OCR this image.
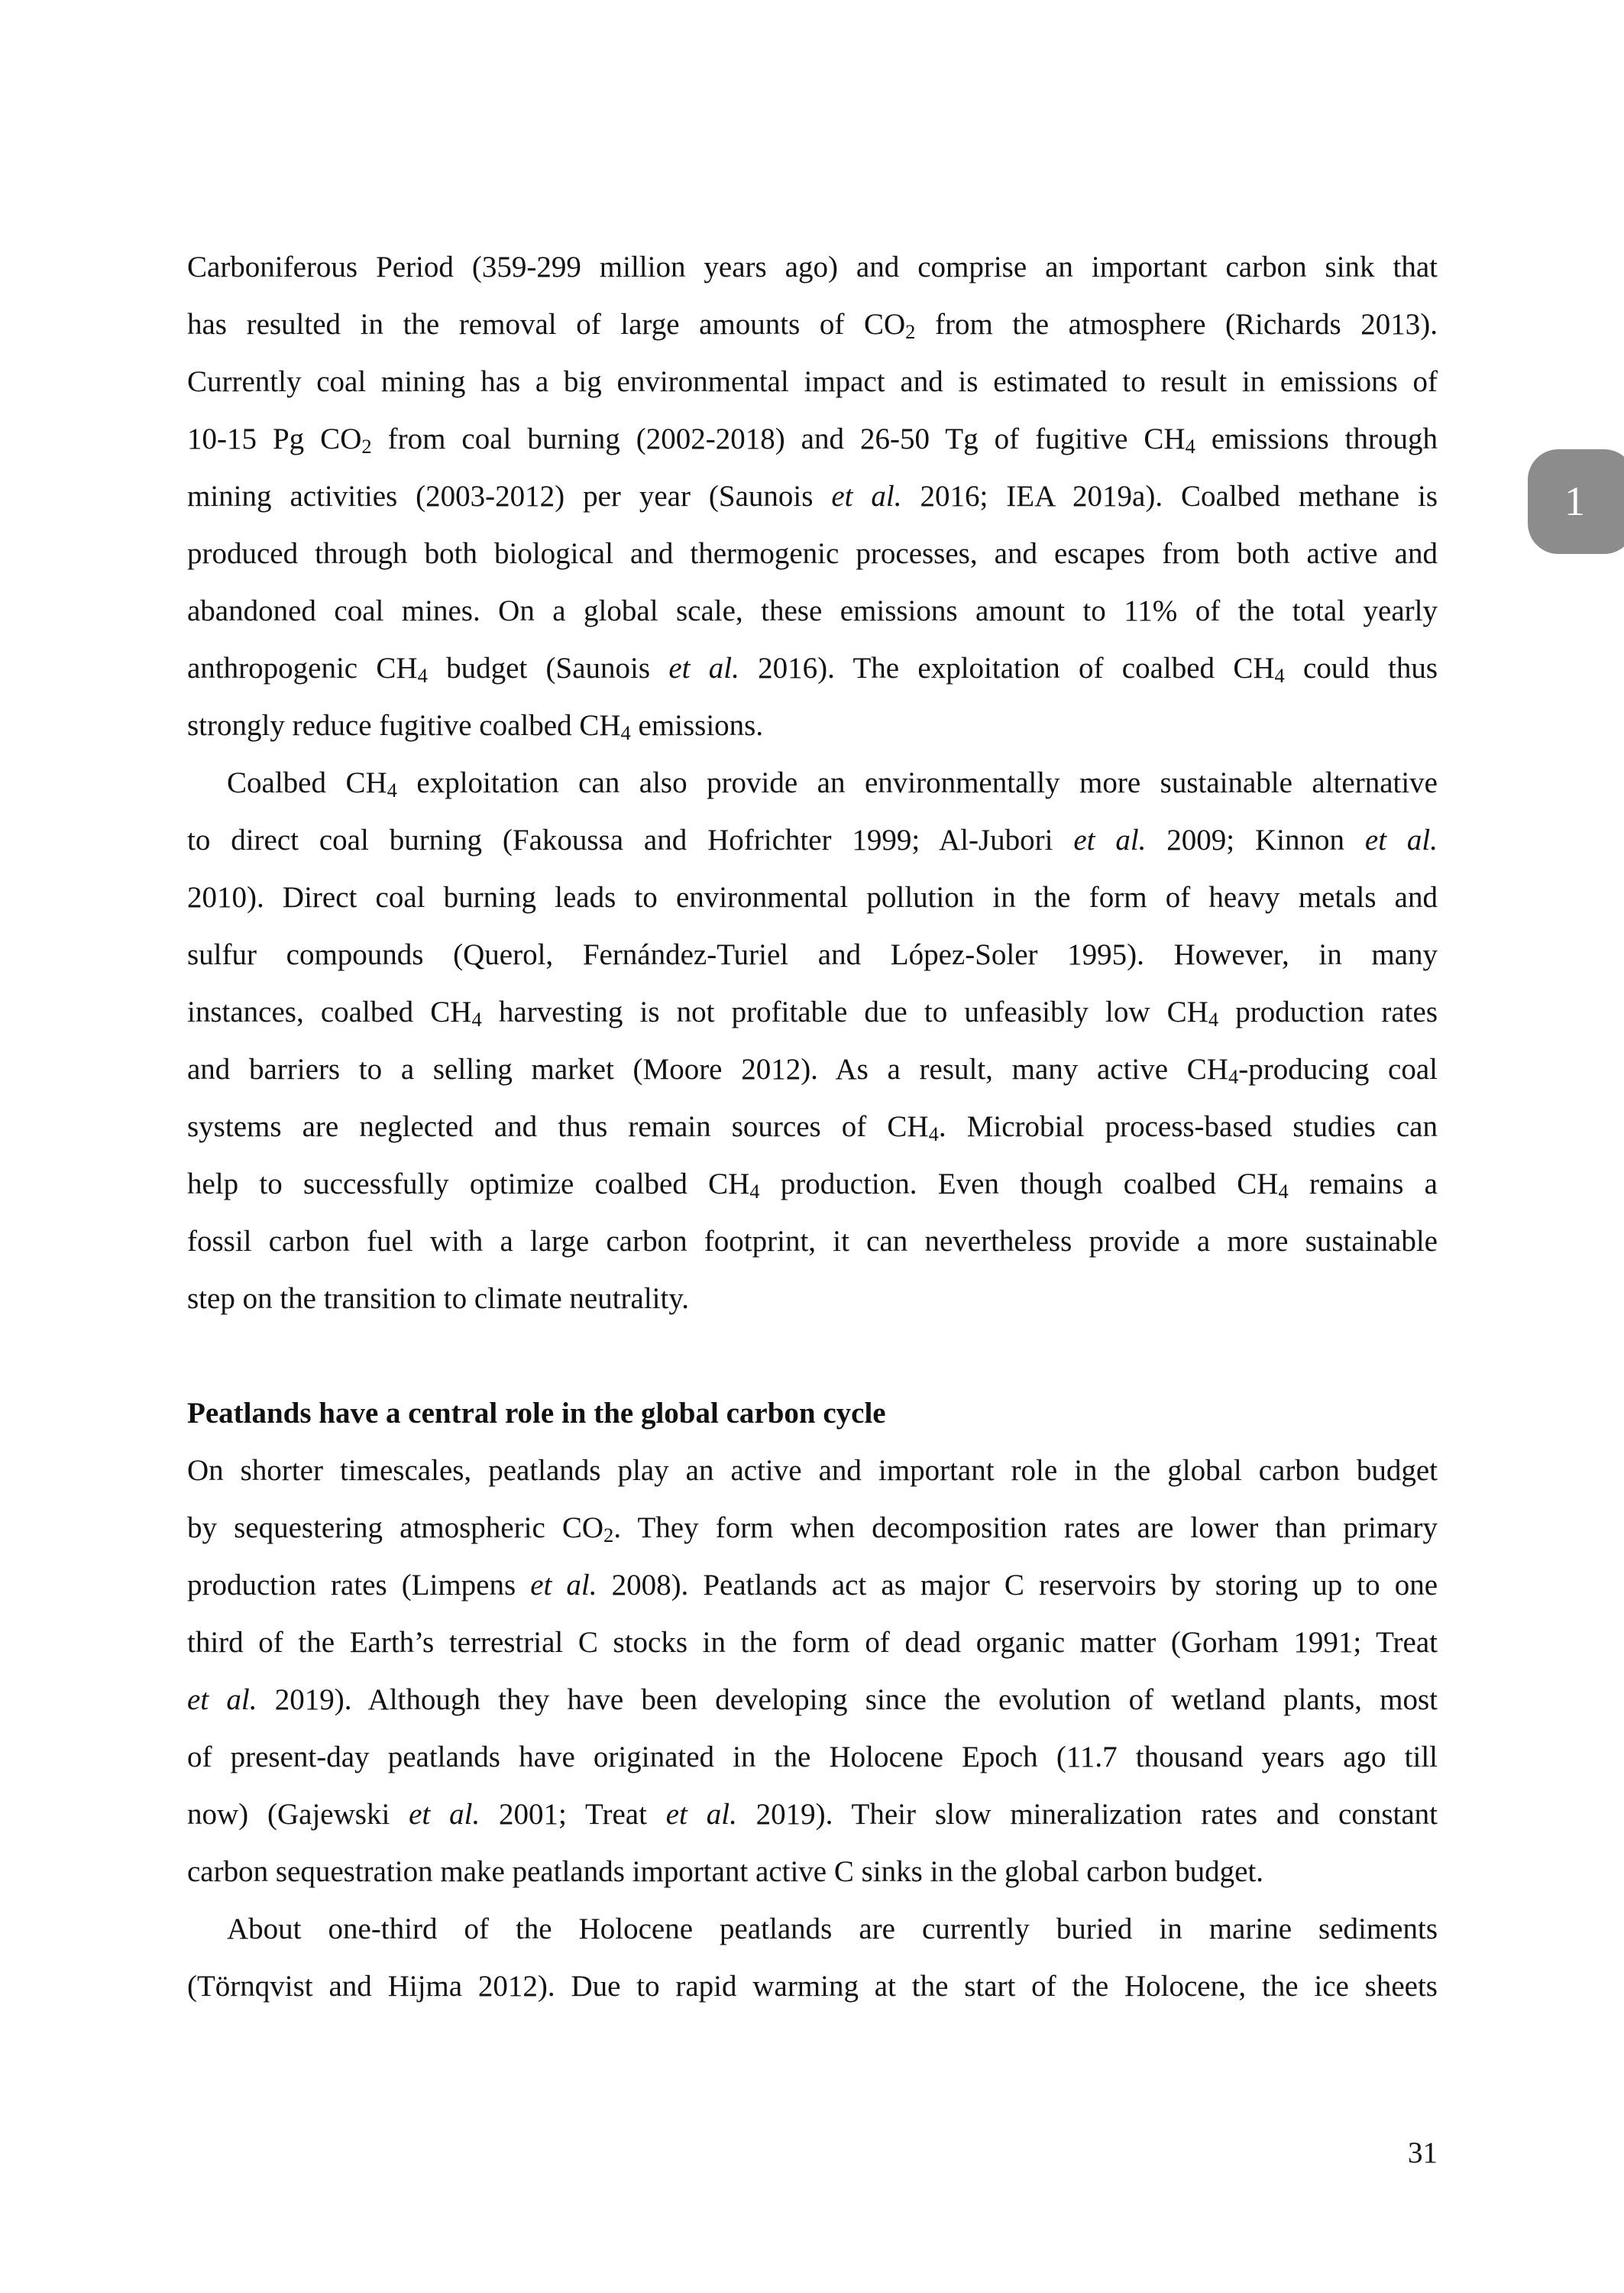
Carboniferous Period (359-299 million years ago) and comprise an important carbon sink that
has resulted in the removal of large amounts of CO2 from the atmosphere (Richards 2013).
Currently coal mining has a big environmental impact and is estimated to result in emissions of
10-15 Pg CO2 from coal burning (2002-2018) and 26-50 Tg of fugitive CH4 emissions through
mining activities (2003-2012) per year (Saunois et al. 2016; IEA 2019a). Coalbed methane is
produced through both biological and thermogenic processes, and escapes from both active and
abandoned coal mines. On a global scale, these emissions amount to 11% of the total yearly
anthropogenic CH4 budget (Saunois et al. 2016). The exploitation of coalbed CH4 could thus
strongly reduce fugitive coalbed CH4 emissions.
Coalbed CH4 exploitation can also provide an environmentally more sustainable alternative
to direct coal burning (Fakoussa and Hofrichter 1999; Al-Jubori et al. 2009; Kinnon et al.
2010). Direct coal burning leads to environmental pollution in the form of heavy metals and
sulfur compounds (Querol, Fernández-Turiel and López-Soler 1995). However, in many
instances, coalbed CH4 harvesting is not profitable due to unfeasibly low CH4 production rates
and barriers to a selling market (Moore 2012). As a result, many active CH4-producing coal
systems are neglected and thus remain sources of CH4. Microbial process-based studies can
help to successfully optimize coalbed CH4 production. Even though coalbed CH4 remains a
fossil carbon fuel with a large carbon footprint, it can nevertheless provide a more sustainable
step on the transition to climate neutrality.
Peatlands have a central role in the global carbon cycle
On shorter timescales, peatlands play an active and important role in the global carbon budget
by sequestering atmospheric CO2. They form when decomposition rates are lower than primary
production rates (Limpens et al. 2008). Peatlands act as major C reservoirs by storing up to one
third of the Earth’s terrestrial C stocks in the form of dead organic matter (Gorham 1991; Treat
et al. 2019). Although they have been developing since the evolution of wetland plants, most
of present-day peatlands have originated in the Holocene Epoch (11.7 thousand years ago till
now) (Gajewski et al. 2001; Treat et al. 2019). Their slow mineralization rates and constant
carbon sequestration make peatlands important active C sinks in the global carbon budget.
About one-third of the Holocene peatlands are currently buried in marine sediments
(Törnqvist and Hijma 2012). Due to rapid warming at the start of the Holocene, the ice sheets
1
31
